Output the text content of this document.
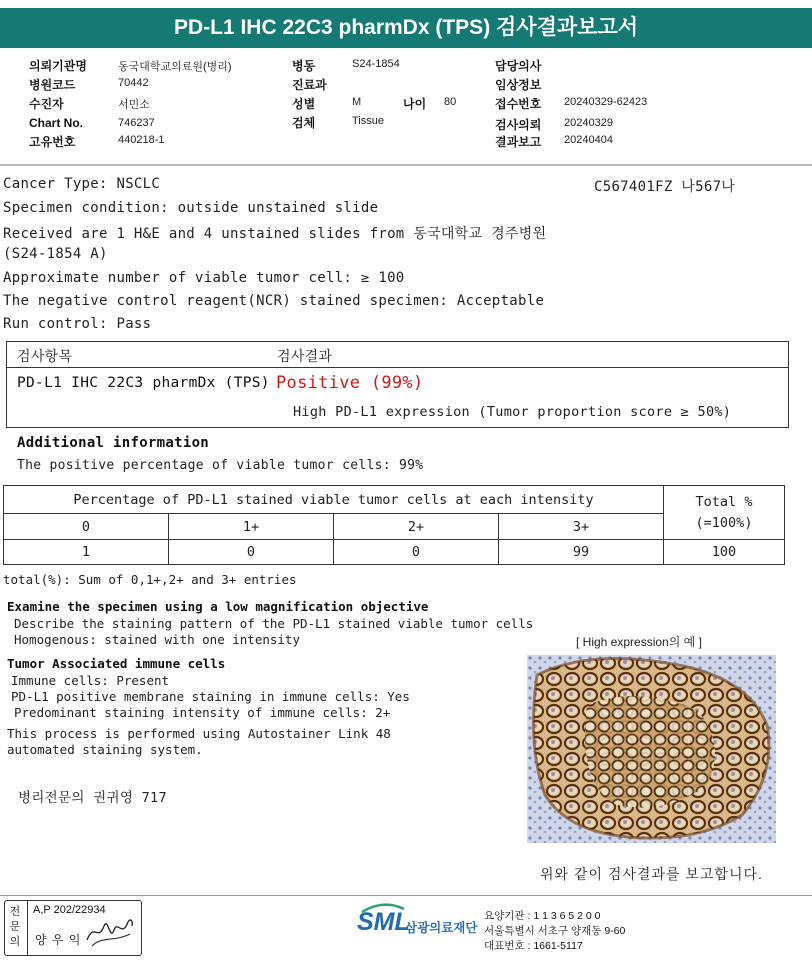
PD-L1 IHC 22C3 pharmDx (TPS) 검사결과보고서
의뢰기관명	동국대학교의료원(병리)
병원코드	70442
수진자	서민소
Chart No.	746237
고유번호	440218-1
병동	S24-1854
진료과
성별	M	나이 80
검체	Tissue
담당의사
임상정보
접수번호 20240329-62423
검사의뢰 20240329
결과보고 20240404
Cancer Type: NSCLC	C567401FZ 나567나
Specimen condition: outside unstained slide
Received are 1 H&E and 4 unstained slides from 동국대학교 경주병원
(S24-1854 A)
Approximate number of viable tumor cell: ≥ 100
The negative control reagent(NCR) stained specimen: Acceptable
Run control: Pass
검사항목	검사결과
PD-L1 IHC 22C3 pharmDx (TPS) Positive (99%)
High PD-L1 expression (Tumor proportion score ≥ 50%)
Additional information
The positive percentage of viable tumor cells: 99%
Percentage of PD-L1 stained viable tumor cells at each intensity				Total %
(=100%)

0	1+	2+	3+	
1	0	0	99	100
total(%): Sum of 0,1+,2+ and 3+ entries
Examine the specimen using a low magnification objective
Describe the staining pattern of the PD-L1 stained viable tumor cells
Homogenous: stained with one intensity	[ High expression의 예 ]
Tumor Associated immune cells
Immune cells: Present
PD-L1 positive membrane staining in immune cells: Yes
Predominant staining intensity of immune cells: 2+
This process is performed using Autostainer Link 48
automated staining system.
병리전문의 권귀영 717
위와 같이 검사결과를 보고합니다.
전문의
A,P 202/22934
양 우 익
SML
삼광의료재단
요양기관 : 1 1 3 6 5 2 0 0
서울특별시 서초구 양재동 9-60
대표번호 : 1661-5117
